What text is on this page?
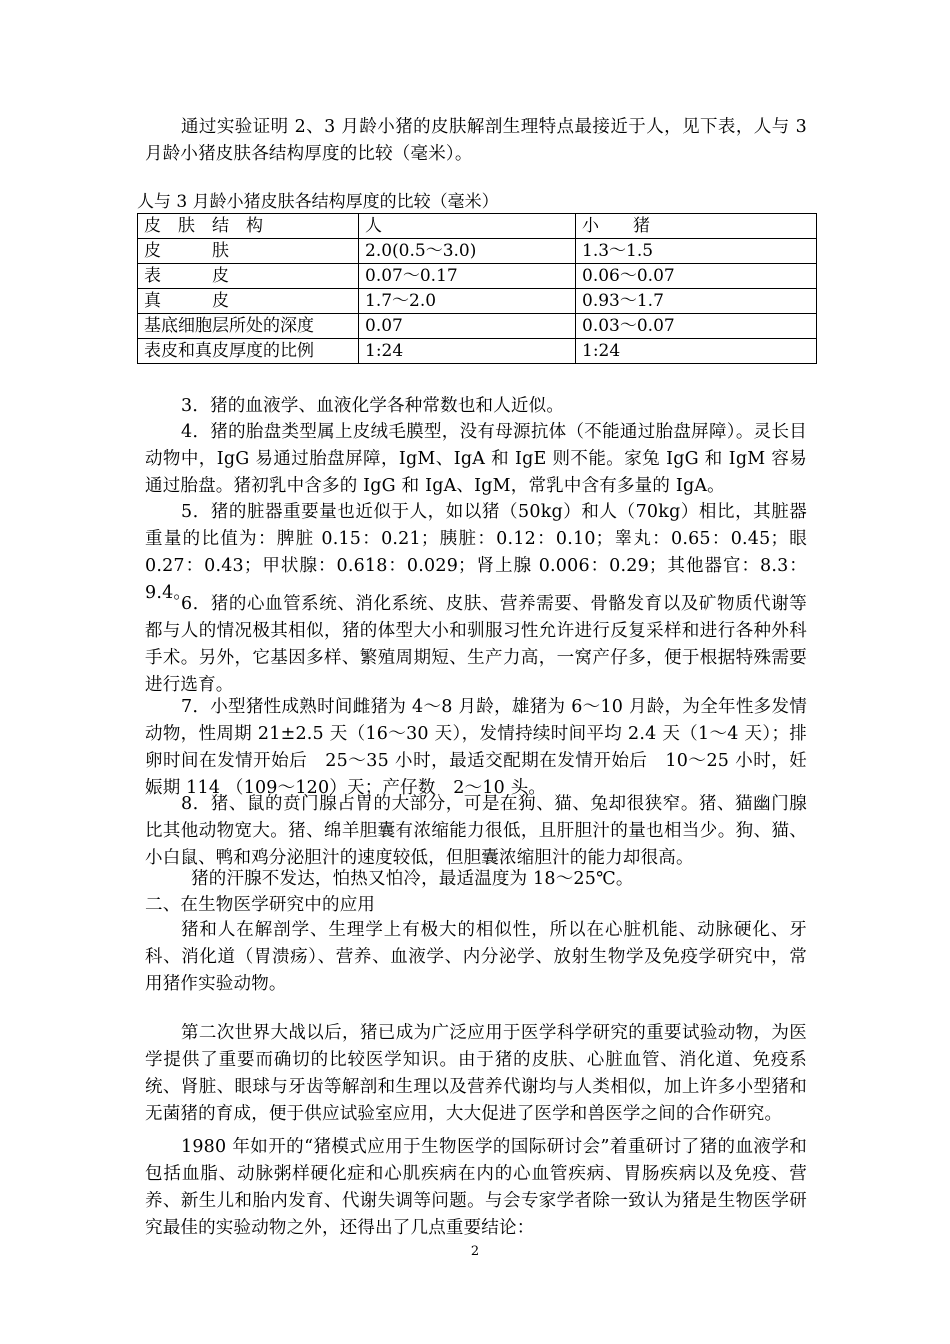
通过实验证明 2、3 月龄小猪的皮肤解剖生理特点最接近于人，见下表，人与 3 月龄小猪皮肤各结构厚度的比较（毫米）。

人与 3 月龄小猪皮肤各结构厚度的比较（毫米）

皮　肤　结　构	人	小　　猪
皮　　　肤	2.0(0.5～3.0)	1.3～1.5
表　　　皮	0.07～0.17	0.06～0.07
真　　　皮	1.7～2.0	0.93～1.7
基底细胞层所处的深度	0.07	0.03～0.07
表皮和真皮厚度的比例	1:24	1:24

3．猪的血液学、血液化学各种常数也和人近似。

4．猪的胎盘类型属上皮绒毛膜型，没有母源抗体（不能通过胎盘屏障）。灵长目动物中，IgG 易通过胎盘屏障，IgM、IgA 和 IgE 则不能。家兔 IgG 和 IgM 容易通过胎盘。猪初乳中含多的 IgG 和 IgA、IgM，常乳中含有多量的 IgA。

5．猪的脏器重要量也近似于人，如以猪（50kg）和人（70kg）相比，其脏器重量的比值为：脾脏 0.15：0.21；胰脏：0.12：0.10；睾丸：0.65：0.45；眼 0.27：0.43；甲状腺：0.618：0.029；肾上腺 0.006：0.29；其他器官：8.3：9.4。

6．猪的心血管系统、消化系统、皮肤、营养需要、骨骼发育以及矿物质代谢等都与人的情况极其相似，猪的体型大小和驯服习性允许进行反复采样和进行各种外科手术。另外，它基因多样、繁殖周期短、生产力高，一窝产仔多，便于根据特殊需要进行选育。

7．小型猪性成熟时间雌猪为 4～8 月龄，雄猪为 6～10 月龄，为全年性多发情动物，性周期 21±2.5 天（16～30 天），发情持续时间平均 2.4 天（1～4 天）；排卵时间在发情开始后　25～35 小时，最适交配期在发情开始后　10～25 小时，妊娠期 114 （109～120）天；产仔数　2～10 头。

8．猪、鼠的贲门腺占胃的大部分，可是在狗、猫、兔却很狭窄。猪、猫幽门腺比其他动物宽大。猪、绵羊胆囊有浓缩能力很低，且肝胆汁的量也相当少。狗、猫、小白鼠、鸭和鸡分泌胆汁的速度较低，但胆囊浓缩胆汁的能力却很高。

猪的汗腺不发达，怕热又怕冷，最适温度为 18～25℃。

二、在生物医学研究中的应用

猪和人在解剖学、生理学上有极大的相似性，所以在心脏机能、动脉硬化、牙科、消化道（胃溃疡）、营养、血液学、内分泌学、放射生物学及免疫学研究中，常用猪作实验动物。

第二次世界大战以后，猪已成为广泛应用于医学科学研究的重要试验动物，为医学提供了重要而确切的比较医学知识。由于猪的皮肤、心脏血管、消化道、免疫系统、肾脏、眼球与牙齿等解剖和生理以及营养代谢均与人类相似，加上许多小型猪和无菌猪的育成，便于供应试验室应用，大大促进了医学和兽医学之间的合作研究。

1980 年如开的“猪模式应用于生物医学的国际研讨会”着重研讨了猪的血液学和包括血脂、动脉粥样硬化症和心肌疾病在内的心血管疾病、胃肠疾病以及免疫、营养、新生儿和胎内发育、代谢失调等问题。与会专家学者除一致认为猪是生物医学研究最佳的实验动物之外，还得出了几点重要结论：

2
